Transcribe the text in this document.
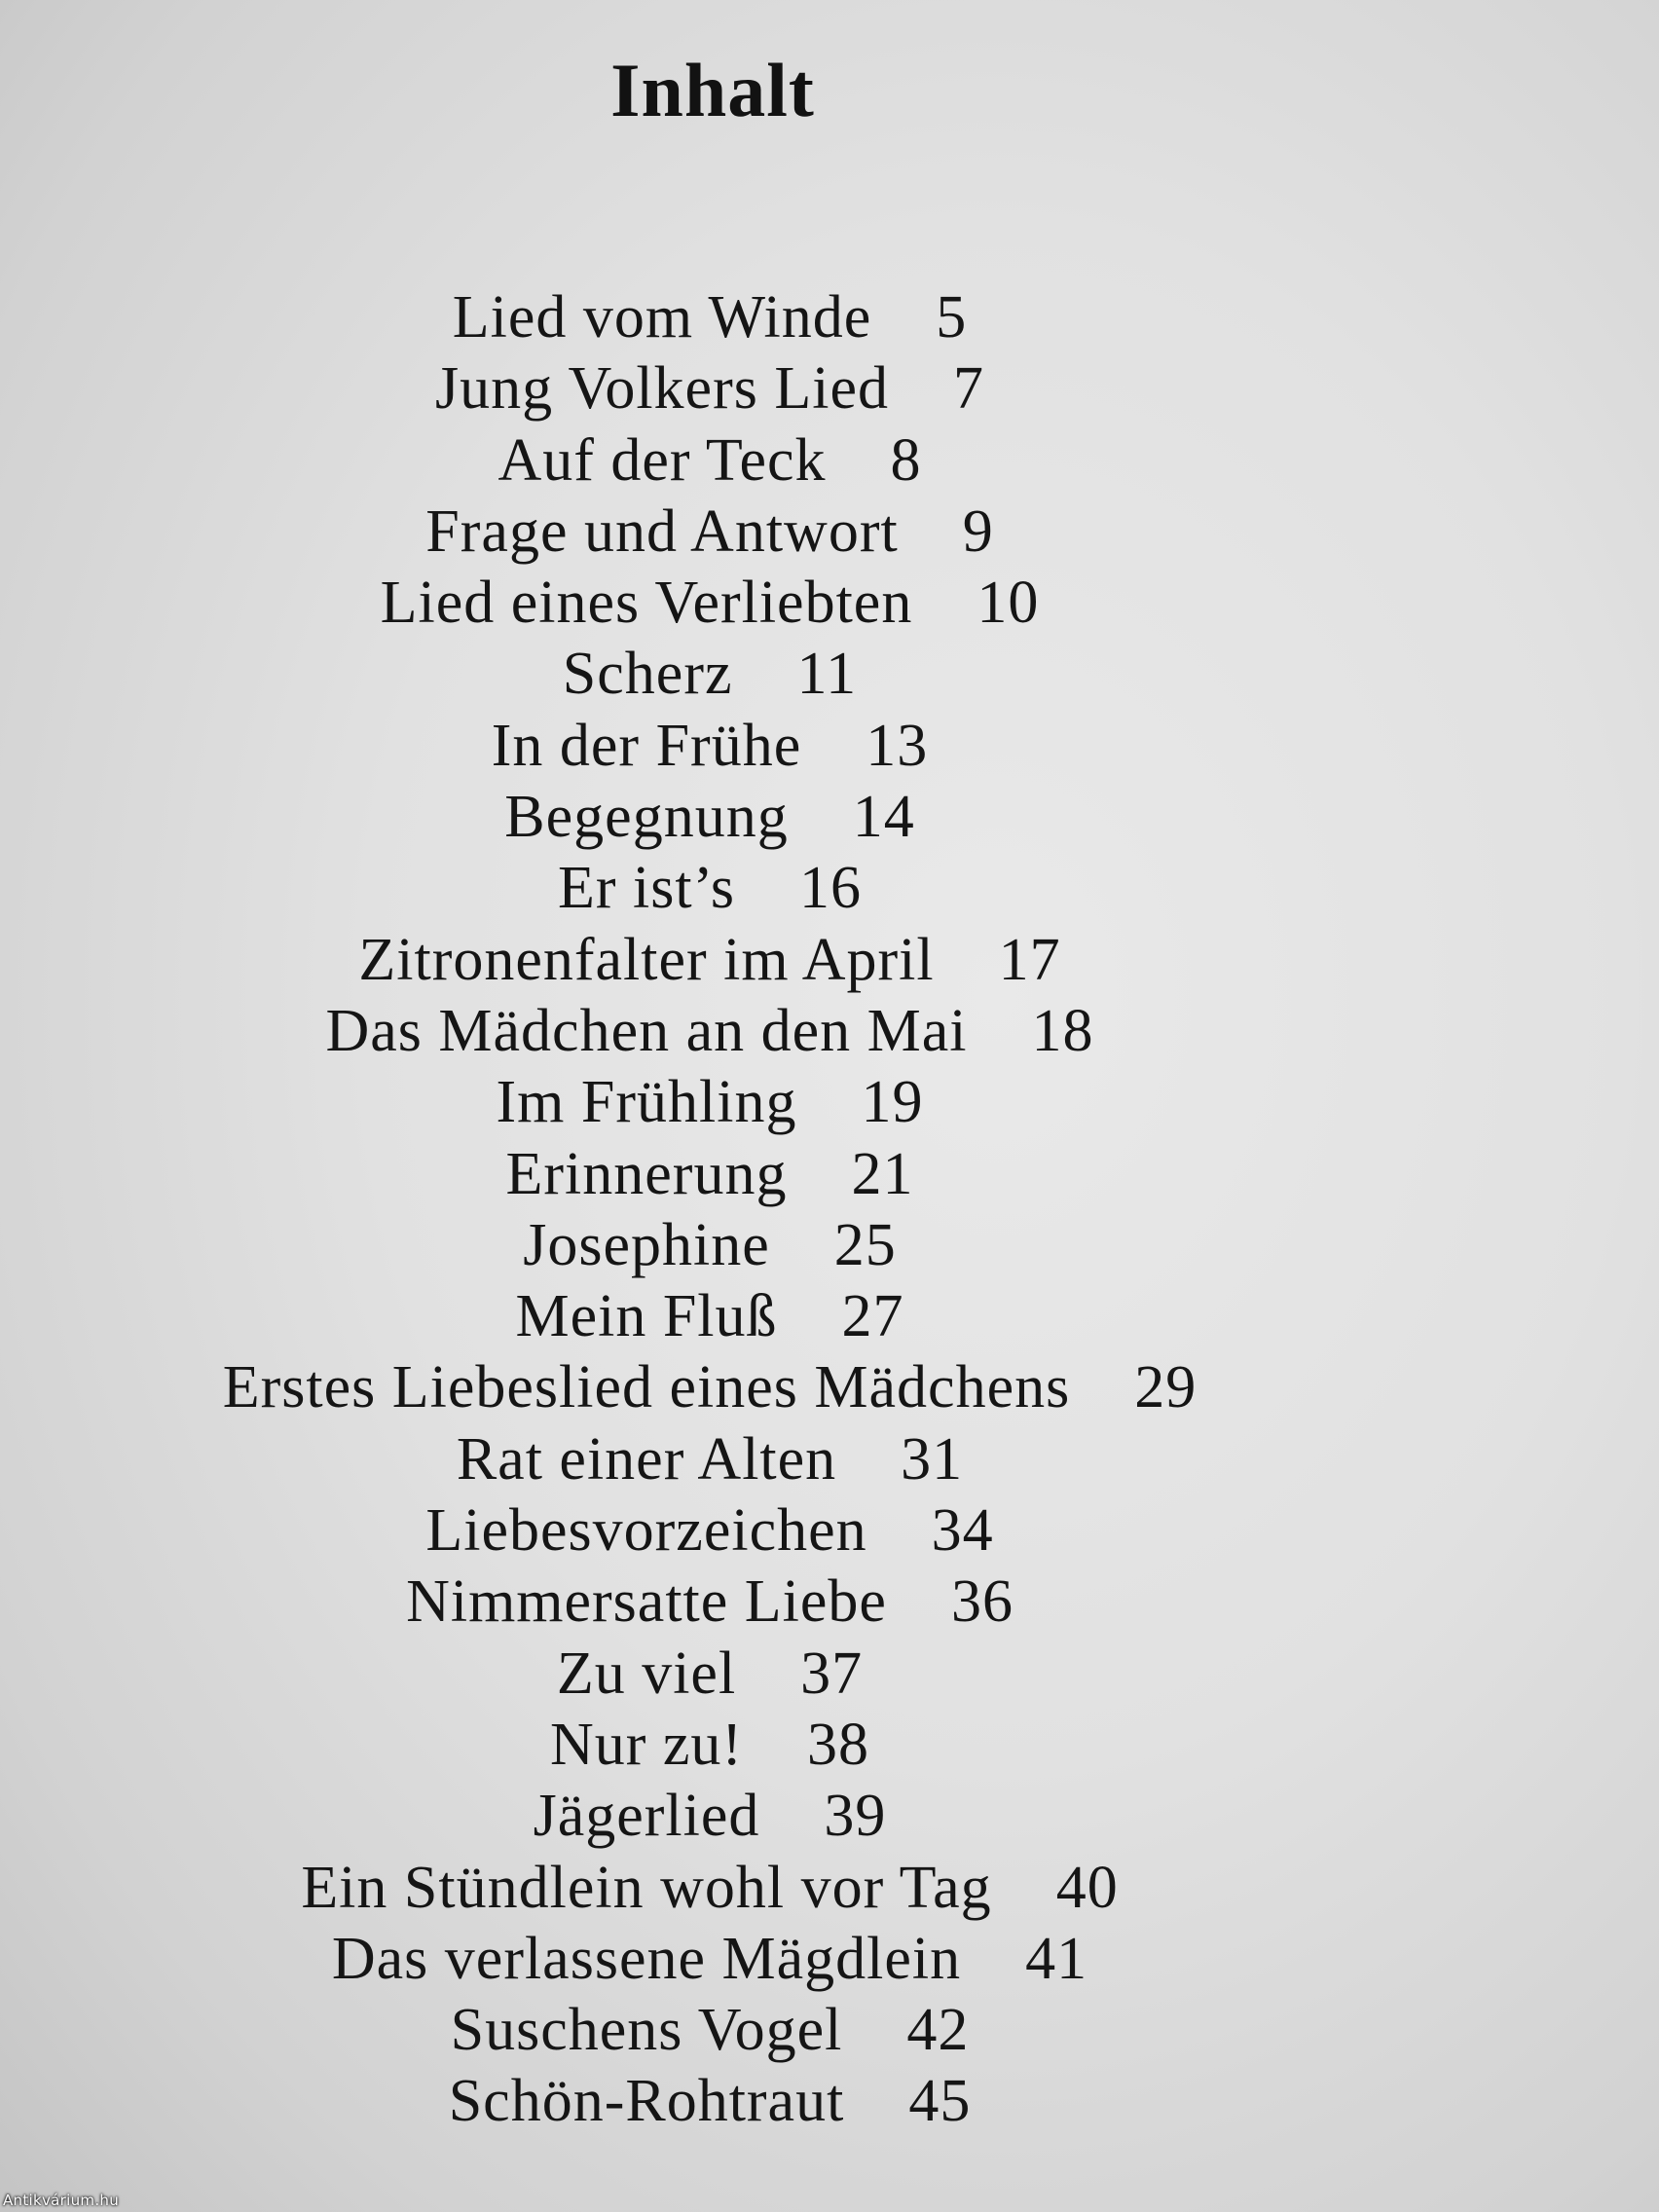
Inhalt
Lied vom Winde 5
Jung Volkers Lied 7
Auf der Teck 8
Frage und Antwort 9
Lied eines Verliebten 10
Scherz 11
In der Frühe 13
Begegnung 14
Er ist’s 16
Zitronenfalter im April 17
Das Mädchen an den Mai 18
Im Frühling 19
Erinnerung 21
Josephine 25
Mein Fluß 27
Erstes Liebeslied eines Mädchens 29
Rat einer Alten 31
Liebesvorzeichen 34
Nimmersatte Liebe 36
Zu viel 37
Nur zu! 38
Jägerlied 39
Ein Stündlein wohl vor Tag 40
Das verlassene Mägdlein 41
Suschens Vogel 42
Schön-Rohtraut 45
Antikvárium.hu
